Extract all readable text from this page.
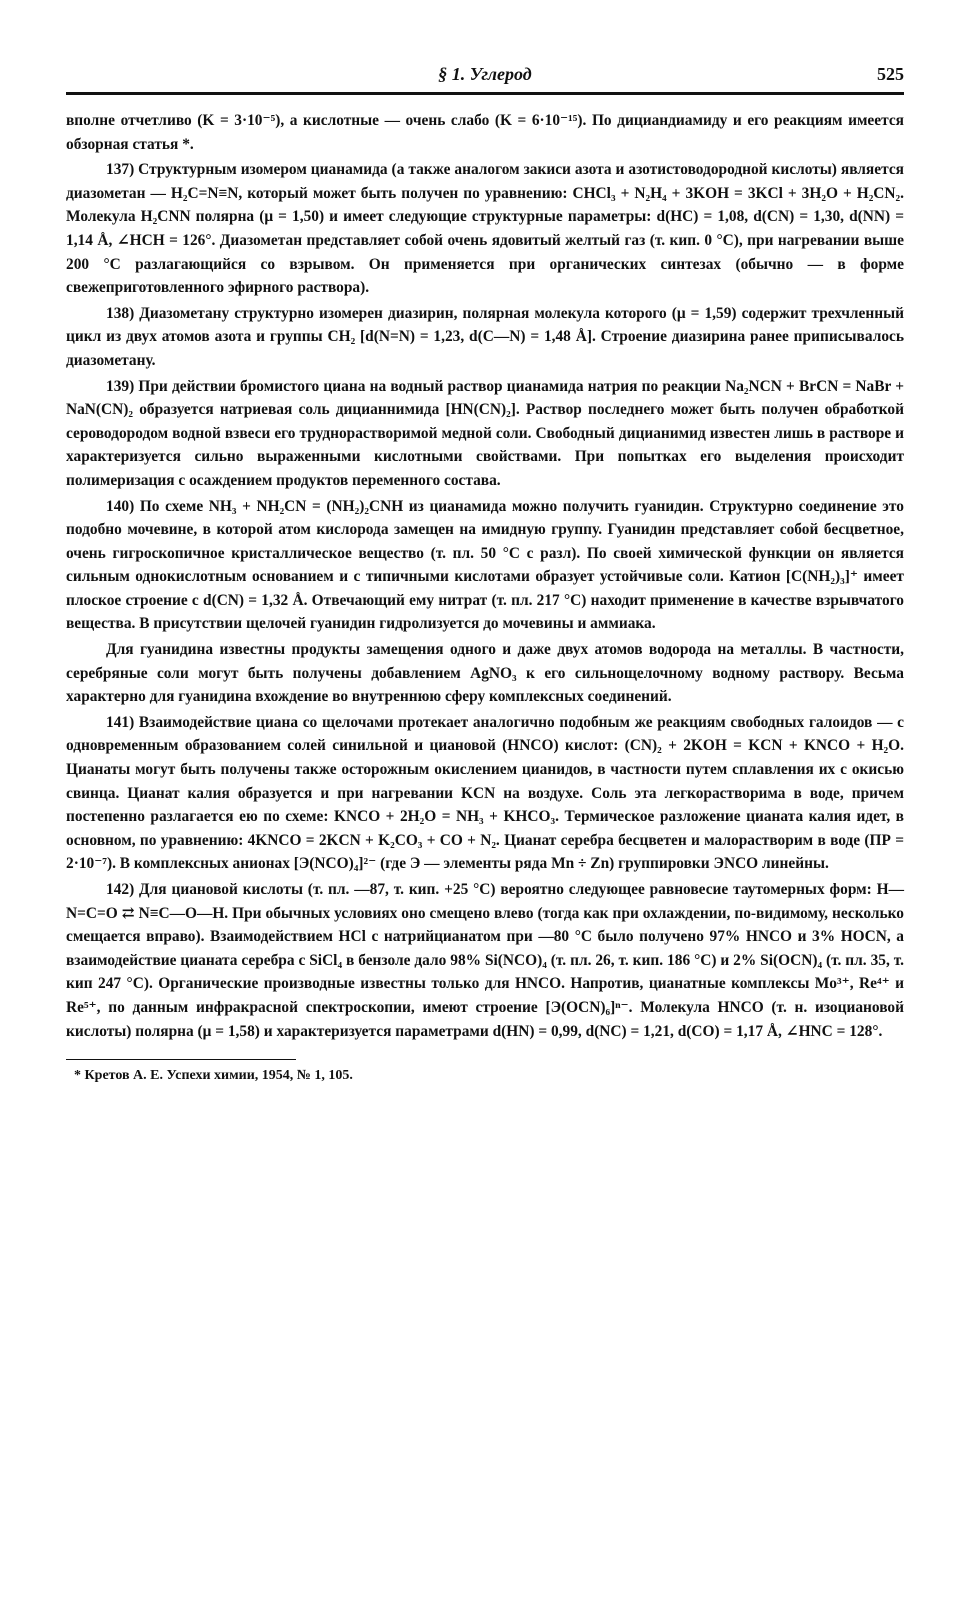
§ 1. Углерод	525

вполне отчетливо (K = 3·10⁻⁵), а кислотные — очень слабо (K = 6·10⁻¹⁵). По дициандиамиду и его реакциям имеется обзорная статья *.

137) Структурным изомером цианамида (а также аналогом закиси азота и азотистоводородной кислоты) является диазометан — H₂C=N≡N, который может быть получен по уравнению: CHCl₃ + N₂H₄ + 3KOH = 3KCl + 3H₂O + H₂CN₂. Молекула H₂CNN полярна (μ = 1,50) и имеет следующие структурные параметры: d(HC) = 1,08, d(CN) = 1,30, d(NN) = 1,14 Å, ∠HCH = 126°. Диазометан представляет собой очень ядовитый желтый газ (т. кип. 0 °C), при нагревании выше 200 °C разлагающийся со взрывом. Он применяется при органических синтезах (обычно — в форме свежеприготовленного эфирного раствора).

138) Диазометану структурно изомерен диазирин, полярная молекула которого (μ = 1,59) содержит трехчленный цикл из двух атомов азота и группы CH₂ [d(N=N) = 1,23, d(C—N) = 1,48 Å]. Строение диазирина ранее приписывалось диазометану.

139) При действии бромистого циана на водный раствор цианамида натрия по реакции Na₂NCN + BrCN = NaBr + NaN(CN)₂ образуется натриевая соль дицианнимида [HN(CN)₂]. Раствор последнего может быть получен обработкой сероводородом водной взвеси его труднорастворимой медной соли. Свободный дицианимид известен лишь в растворе и характеризуется сильно выраженными кислотными свойствами. При попытках его выделения происходит полимеризация с осаждением продуктов переменного состава.

140) По схеме NH₃ + NH₂CN = (NH₂)₂CNH из цианамида можно получить гуанидин. Структурно соединение это подобно мочевине, в которой атом кислорода замещен на имидную группу. Гуанидин представляет собой бесцветное, очень гигроскопичное кристаллическое вещество (т. пл. 50 °C с разл). По своей химической функции он является сильным однокислотным основанием и с типичными кислотами образует устойчивые соли. Катион [C(NH₂)₃]⁺ имеет плоское строение с d(CN) = 1,32 Å. Отвечающий ему нитрат (т. пл. 217 °C) находит применение в качестве взрывчатого вещества. В присутствии щелочей гуанидин гидролизуется до мочевины и аммиака.

Для гуанидина известны продукты замещения одного и даже двух атомов водорода на металлы. В частности, серебряные соли могут быть получены добавлением AgNO₃ к его сильнощелочному водному раствору. Весьма характерно для гуанидина вхождение во внутреннюю сферу комплексных соединений.

141) Взаимодействие циана со щелочами протекает аналогично подобным же реакциям свободных галоидов — с одновременным образованием солей синильной и циановой (HNCO) кислот: (CN)₂ + 2KOH = KCN + KNCO + H₂O. Цианаты могут быть получены также осторожным окислением цианидов, в частности путем сплавления их с окисью свинца. Цианат калия образуется и при нагревании KCN на воздухе. Соль эта легкорастворима в воде, причем постепенно разлагается ею по схеме: KNCO + 2H₂O = NH₃ + KHCO₃. Термическое разложение цианата калия идет, в основном, по уравнению: 4KNCO = 2KCN + K₂CO₃ + CO + N₂. Цианат серебра бесцветен и малорастворим в воде (ПР = 2·10⁻⁷). В комплексных анионах [Э(NCO)₄]²⁻ (где Э — элементы ряда Mn ÷ Zn) группировки ЭNCO линейны.

142) Для циановой кислоты (т. пл. —87, т. кип. +25 °C) вероятно следующее равновесие таутомерных форм: H—N=C=O ⇄ N≡C—O—H. При обычных условиях оно смещено влево (тогда как при охлаждении, по-видимому, несколько смещается вправо). Взаимодействием HCl с натрийцианатом при —80 °C было получено 97% HNCO и 3% HOCN, а взаимодействие цианата серебра с SiCl₄ в бензоле дало 98% Si(NCO)₄ (т. пл. 26, т. кип. 186 °C) и 2% Si(OCN)₄ (т. пл. 35, т. кип 247 °C). Органические производные известны только для HNCO. Напротив, цианатные комплексы Mo³⁺, Re⁴⁺ и Re⁵⁺, по данным инфракрасной спектроскопии, имеют строение [Э(OCN)₆]ⁿ⁻. Молекула HNCO (т. н. изоциановой кислоты) полярна (μ = 1,58) и характеризуется параметрами d(HN) = 0,99, d(NC) = 1,21, d(CO) = 1,17 Å, ∠HNC = 128°.

* Кретов А. Е. Успехи химии, 1954, № 1, 105.
